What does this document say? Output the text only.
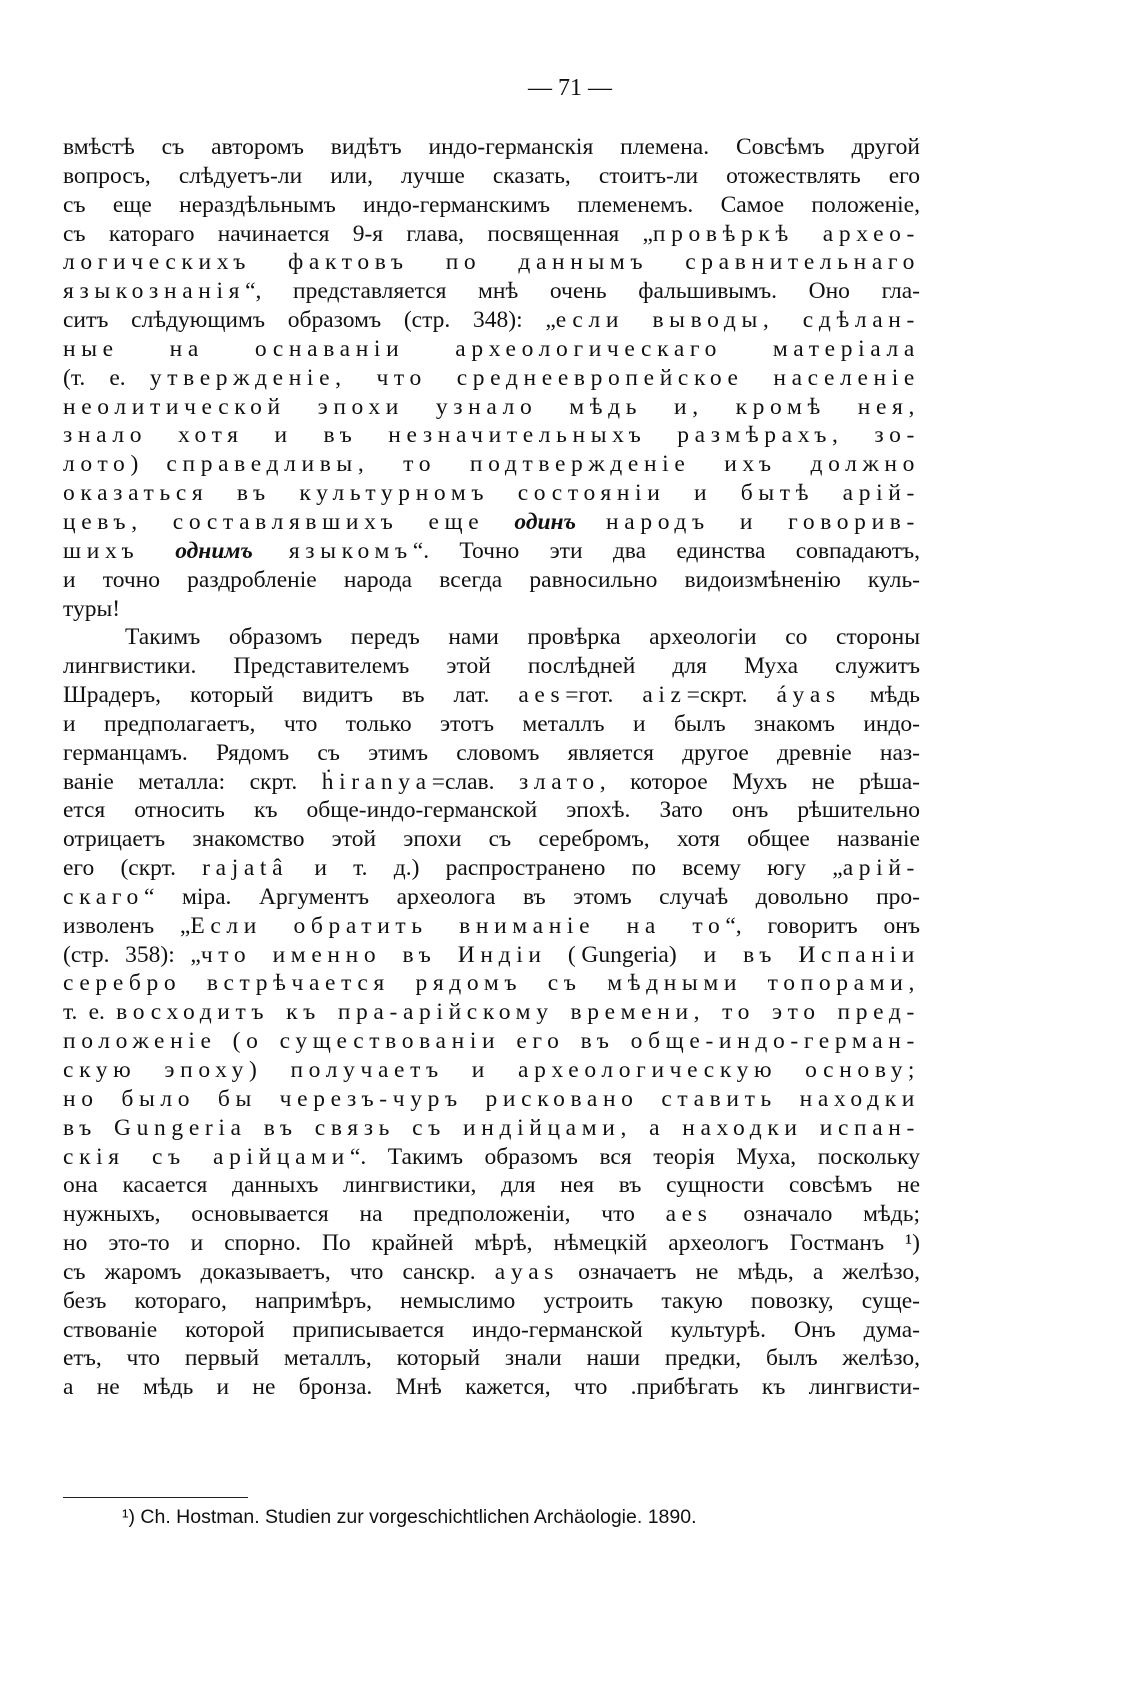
— 71 —
вмѣстѣ съ авторомъ видѣтъ индо-германскія племена. Совсѣмъ другой
вопросъ, слѣдуетъ-ли или, лучше сказать, стоитъ-ли отожествлять его
съ еще нераздѣльнымъ индо-германскимъ племенемъ. Самое положеніе,
съ катораго начинается 9-я глава, посвященная „провѣркѣ архео-
логическихъ фактовъ по даннымъ сравнительнаго
языкознанія“, представляется мнѣ очень фальшивымъ. Оно гла-
ситъ слѣдующимъ образомъ (стр. 348): „если выводы, сдѣлан-
ные на оснаваніи археологическаго матеріала
(т. е. утвержденіе, что среднеевропейское населеніе
неолитической эпохи узнало мѣдь и, кромѣ нея,
знало хотя и въ незначительныхъ размѣрахъ, зо-
лото) справедливы, то подтвержденіе ихъ должно
оказаться въ культурномъ состояніи и бытѣ арій-
цевъ, составлявшихъ еще одинъ народъ и говорив-
шихъ однимъ языкомъ“. Точно эти два единства совпадаютъ,
и точно раздробленіе народа всегда равносильно видоизмѣненію куль-
туры!
Такимъ образомъ передъ нами провѣрка археологіи со стороны
лингвистики. Представителемъ этой послѣдней для Муха служитъ
Шрадеръ, который видитъ въ лат. aes=гот. aiz=скрт. áyas мѣдь
и предполагаетъ, что только этотъ металлъ и былъ знакомъ индо-
германцамъ. Рядомъ съ этимъ словомъ является другое древніе наз-
ваніе металла: скрт. ḣiranya=слав. злато, которое Мухъ не рѣша-
ется относить къ обще-индо-германской эпохѣ. Зато онъ рѣшительно
отрицаетъ знакомство этой эпохи съ серебромъ, хотя общее названіе
его (скрт. rajatâ и т. д.) распространено по всему югу „арій-
скаго“ міра. Аргументъ археолога въ этомъ случаѣ довольно про-
изволенъ „Если обратить вниманіе на то“, говоритъ онъ
(стр. 358): „что именно въ Индіи (Gungeria) и въ Испаніи
серебро встрѣчается рядомъ съ мѣдными топорами,
т. е. восходитъ къ пра-арійскому времени, то это пред-
положеніе (о существованіи его въ обще-индо-герман-
скую эпоху) получаетъ и археологическую основу;
но было бы черезъ-чуръ рисковано ставить находки
въ Gungeria въ связь съ индійцами, а находки испан-
скія съ арійцами“. Такимъ образомъ вся теорія Муха, поскольку
она касается данныхъ лингвистики, для нея въ сущности совсѣмъ не
нужныхъ, основывается на предположеніи, что aes означало мѣдь;
но это-то и спорно. По крайней мѣрѣ, нѣмецкій археологъ Гостманъ ¹)
съ жаромъ доказываетъ, что санскр. ayas означаетъ не мѣдь, а желѣзо,
безъ котораго, напримѣръ, немыслимо устроить такую повозку, суще-
ствованіе которой приписывается индо-германской культурѣ. Онъ дума-
етъ, что первый металлъ, который знали наши предки, былъ желѣзо,
а не мѣдь и не бронза. Мнѣ кажется, что .прибѣгать къ лингвисти-
¹) Ch. Hostman. Studien zur vorgeschichtlichen Archäologie. 1890.
